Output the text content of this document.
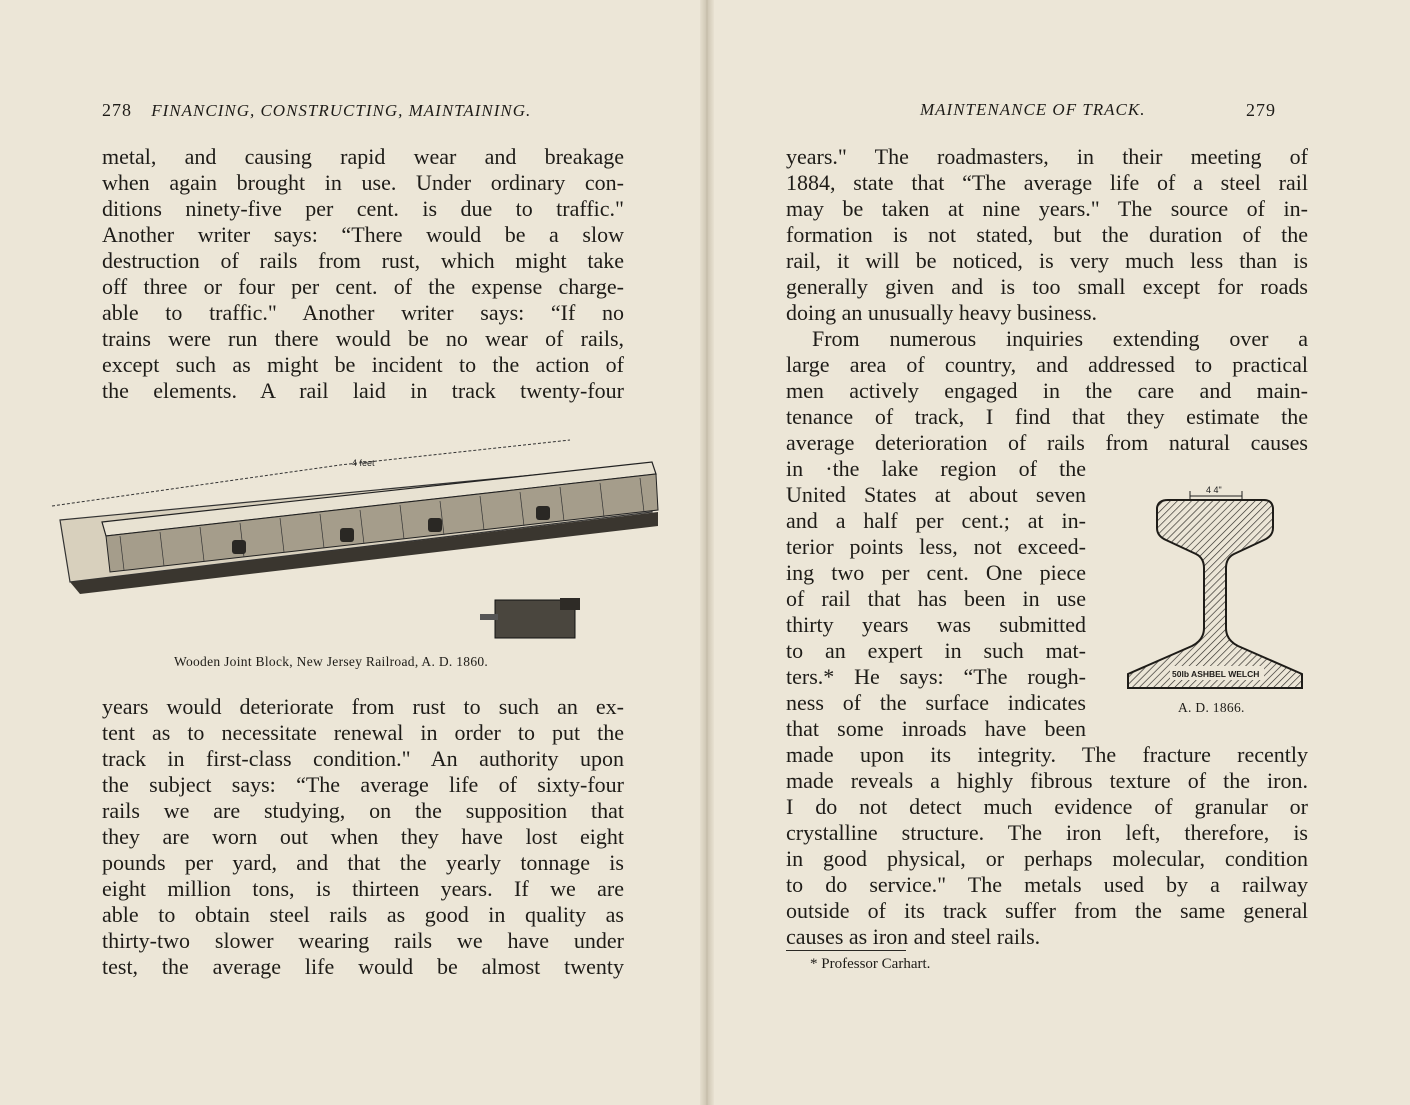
278 FINANCING, CONSTRUCTING, MAINTAINING.
metal, and causing rapid wear and breakage
when again brought in use. Under ordinary con-
ditions ninety-five per cent. is due to traffic."
Another writer says: “There would be a slow
destruction of rails from rust, which might take
off three or four per cent. of the expense charge-
able to traffic." Another writer says: “If no
trains were run there would be no wear of rails,
except such as might be incident to the action of
the elements. A rail laid in track twenty-four
4 feet
Wooden Joint Block, New Jersey Railroad, A. D. 1860.
years would deteriorate from rust to such an ex-
tent as to necessitate renewal in order to put the
track in first-class condition." An authority upon
the subject says: “The average life of sixty-four
rails we are studying, on the supposition that
they are worn out when they have lost eight
pounds per yard, and that the yearly tonnage is
eight million tons, is thirteen years. If we are
able to obtain steel rails as good in quality as
thirty-two slower wearing rails we have under
test, the average life would be almost twenty
MAINTENANCE OF TRACK.	279
years." The roadmasters, in their meeting of
1884, state that “The average life of a steel rail
may be taken at nine years." The source of in-
formation is not stated, but the duration of the
rail, it will be noticed, is very much less than is
generally given and is too small except for roads
doing an unusually heavy business.
From numerous inquiries extending over a
large area of country, and addressed to practical
men actively engaged in the care and main-
tenance of track, I find that they estimate the
average deterioration of rails from natural causes
in ·the lake region of the
United States at about seven
and a half per cent.; at in-
terior points less, not exceed-
ing two per cent. One piece
of rail that has been in use
thirty years was submitted
to an expert in such mat-
ters.* He says: “The rough-
ness of the surface indicates
that some inroads have been
4 4"
50lb ASHBEL WELCH
A. D. 1866.
made upon its integrity. The fracture recently
made reveals a highly fibrous texture of the iron.
I do not detect much evidence of granular or
crystalline structure. The iron left, therefore, is
in good physical, or perhaps molecular, condition
to do service." The metals used by a railway
outside of its track suffer from the same general
causes as iron and steel rails.
* Professor Carhart.
